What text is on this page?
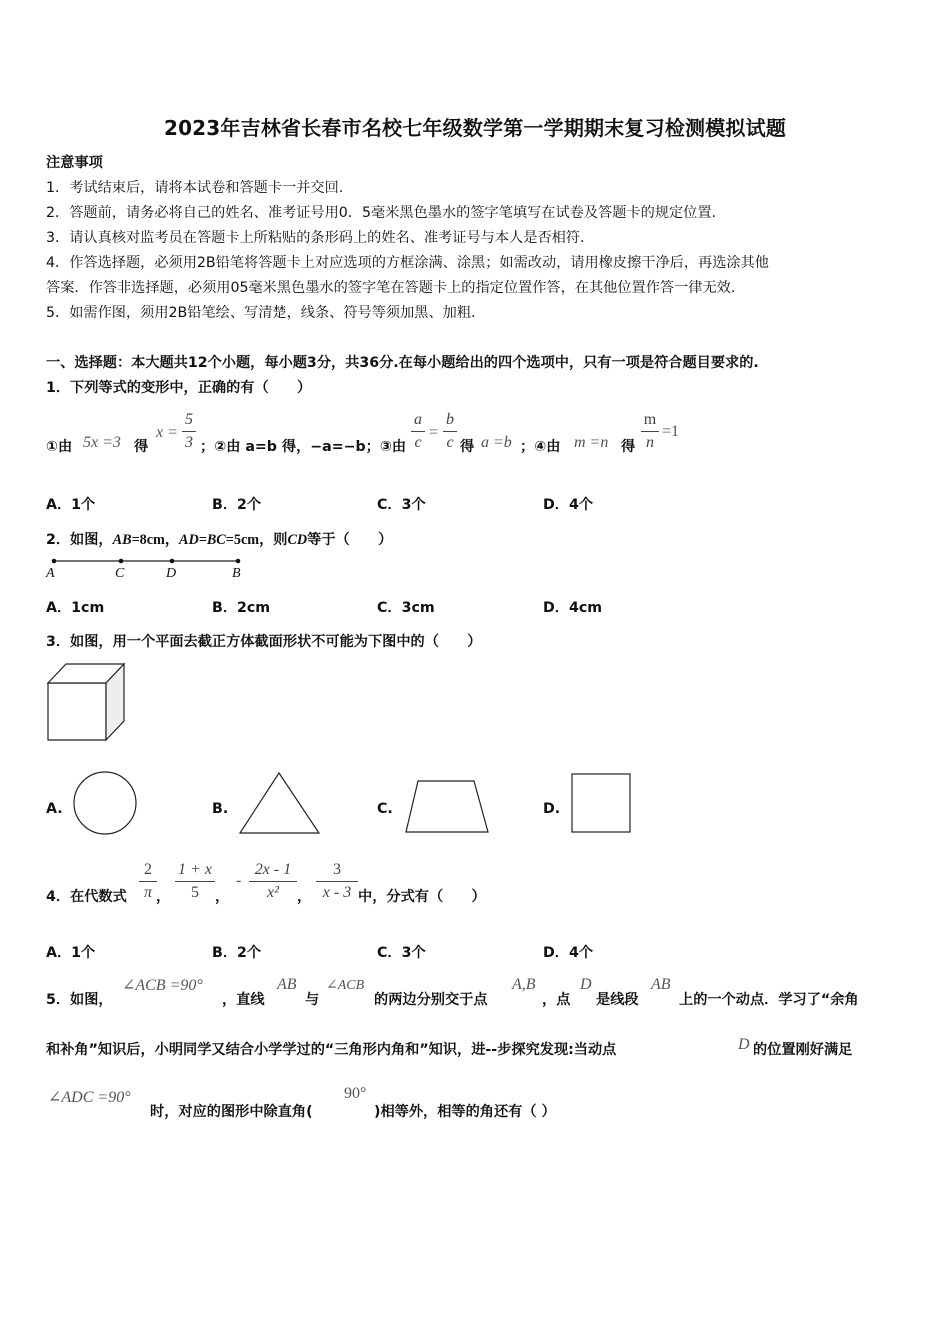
2023年吉林省长春市名校七年级数学第一学期期末复习检测模拟试题
注意事项
1．考试结束后，请将本试卷和答题卡一并交回.
2．答题前，请务必将自己的姓名、准考证号用0．5毫米黑色墨水的签字笔填写在试卷及答题卡的规定位置.
3．请认真核对监考员在答题卡上所粘贴的条形码上的姓名、准考证号与本人是否相符.
4．作答选择题，必须用2B铅笔将答题卡上对应选项的方框涂满、涂黑；如需改动，请用橡皮擦干净后，再选涂其他
答案．作答非选择题，必须用05毫米黑色墨水的签字笔在答题卡上的指定位置作答，在其他位置作答一律无效.
5．如需作图，须用2B铅笔绘、写清楚，线条、符号等须加黑、加粗.
一、选择题：本大题共12个小题，每小题3分，共36分.在每小题给出的四个选项中，只有一项是符合题目要求的.
1．下列等式的变形中，正确的有（　　）
①由 5x =3 得
x =
5
3 ；②由 a=b 得，−a=−b；③由
a
c
=
b
c 得 a =b ；④由 m =n 得
m
n
=1
A．1个	B．2个	C．3个	D．4个
2．如图，AB=8cm，AD=BC=5cm，则CD等于（　　）
A	C	D	B
A．1cm	B．2cm	C．3cm	D．4cm
3．如图，用一个平面去截正方体截面形状不可能为下图中的（　　）
A.	B.	C.	D.
2
π ，
1 + x
5	，
-
2x - 1
x²	，
3
x - 3
4．在代数式	中，分式有（　　）
A．1个	B．2个	C．3个	D．4个
5．如图，
∠ACB =90°
，直线
AB
与
∠ACB
的两边分别交于点
A,B
，点
D
是线段
AB
上的一个动点．学习了“余角
和补角”知识后，小明同学又结合小学学过的“三角形内角和”知识，进--步探究发现:当动点	D 的位置刚好满足
∠ADC =90°
时，对应的图形中除直角(
90°
)相等外，相等的角还有（ ）
